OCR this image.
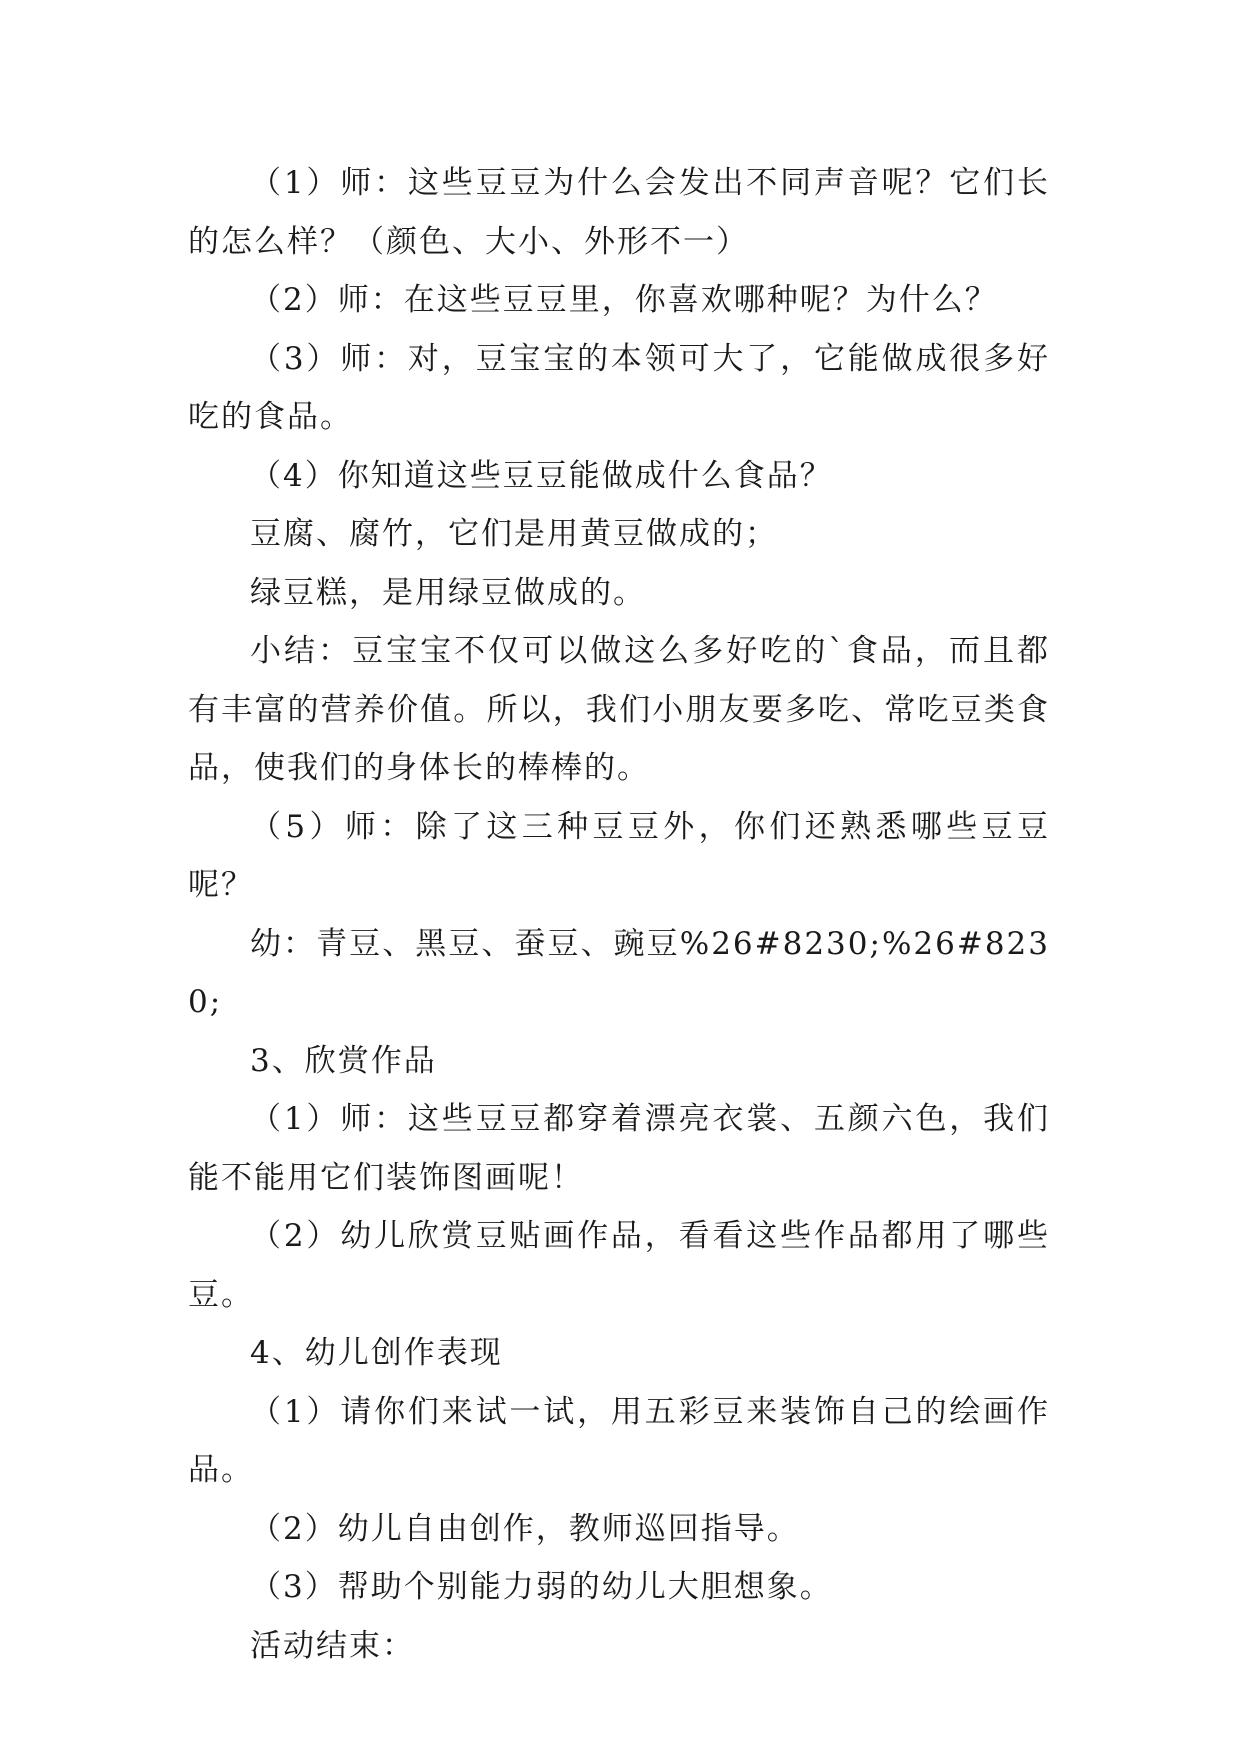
（1）师：这些豆豆为什么会发出不同声音呢？它们长的怎么样？（颜色、大小、外形不一）

（2）师：在这些豆豆里，你喜欢哪种呢？为什么？

（3）师：对，豆宝宝的本领可大了，它能做成很多好吃的食品。

（4）你知道这些豆豆能做成什么食品？

豆腐、腐竹，它们是用黄豆做成的；

绿豆糕，是用绿豆做成的。

小结：豆宝宝不仅可以做这么多好吃的`食品，而且都有丰富的营养价值。所以，我们小朋友要多吃、常吃豆类食品，使我们的身体长的棒棒的。

（5）师：除了这三种豆豆外，你们还熟悉哪些豆豆呢？

幼：青豆、黑豆、蚕豆、豌豆%26#8230;%26#8230;

3、欣赏作品

（1）师：这些豆豆都穿着漂亮衣裳、五颜六色，我们能不能用它们装饰图画呢！

（2）幼儿欣赏豆贴画作品，看看这些作品都用了哪些豆。

4、幼儿创作表现

（1）请你们来试一试，用五彩豆来装饰自己的绘画作品。

（2）幼儿自由创作，教师巡回指导。

（3）帮助个别能力弱的幼儿大胆想象。

活动结束：
